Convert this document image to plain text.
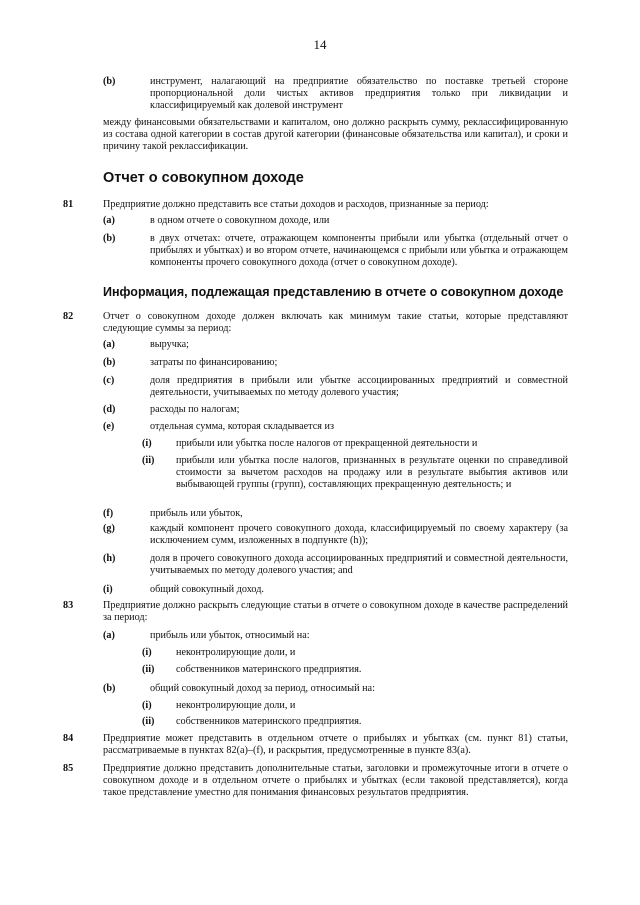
14
(b)	инструмент, налагающий на предприятие обязательство по поставке третьей стороне пропорциональной доли чистых активов предприятия только при ликвидации и классифицируемый как долевой инструмент
между финансовыми обязательствами и капиталом, оно должно раскрыть сумму, реклассифицированную из состава одной категории в состав другой категории (финансовые обязательства или капитал), и сроки и причину такой реклассификации.
Отчет о совокупном доходе
81	Предприятие должно представить все статьи доходов и расходов, признанные за период:
(a)	в одном отчете о совокупном доходе, или
(b)	в двух отчетах: отчете, отражающем компоненты прибыли или убытка (отдельный отчет о прибылях и убытках) и во втором отчете, начинающемся с прибыли или убытка и отражающем компоненты прочего совокупного дохода (отчет о совокупном доходе).
Информация, подлежащая представлению в отчете о совокупном доходе
82	Отчет о совокупном доходе должен включать как минимум такие статьи, которые представляют следующие суммы за период:
(a)	выручка;
(b)	затраты по финансированию;
(c)	доля предприятия в прибыли или убытке ассоциированных предприятий и совместной деятельности, учитываемых по методу долевого участия;
(d)	расходы по налогам;
(e)	отдельная сумма, которая складывается из
(i) прибыли или убытка после налогов от прекращенной деятельности и
(ii) прибыли или убытка после налогов, признанных в результате оценки по справедливой стоимости за вычетом расходов на продажу или в результате выбытия активов или выбывающей группы (групп), составляющих прекращенную деятельность; и
(f)	прибыль или убыток,
(g)	каждый компонент прочего совокупного дохода, классифицируемый по своему характеру (за исключением сумм, изложенных в подпункте (h));
(h)	доля в прочего совокупного дохода ассоциированных предприятий и совместной деятельности, учитываемых по методу долевого участия; and
(i)	общий совокупный доход.
83	Предприятие должно раскрыть следующие статьи в отчете о совокупном доходе в качестве распределений за период:
(a)	прибыль или убыток, относимый на:
(i) неконтролирующие доли, и
(ii) собственников материнского предприятия.
(b)	общий совокупный доход за период, относимый на:
(i) неконтролирующие доли, и
(ii) собственников материнского предприятия.
84	Предприятие может представить в отдельном отчете о прибылях и убытках (см. пункт 81) статьи, рассматриваемые в пунктах 82(a)–(f), и раскрытия, предусмотренные в пункте 83(a).
85	Предприятие должно представить дополнительные статьи, заголовки и промежуточные итоги в отчете о совокупном доходе и в отдельном отчете о прибылях и убытках (если таковой представляется), когда такое представление уместно для понимания финансовых результатов предприятия.
